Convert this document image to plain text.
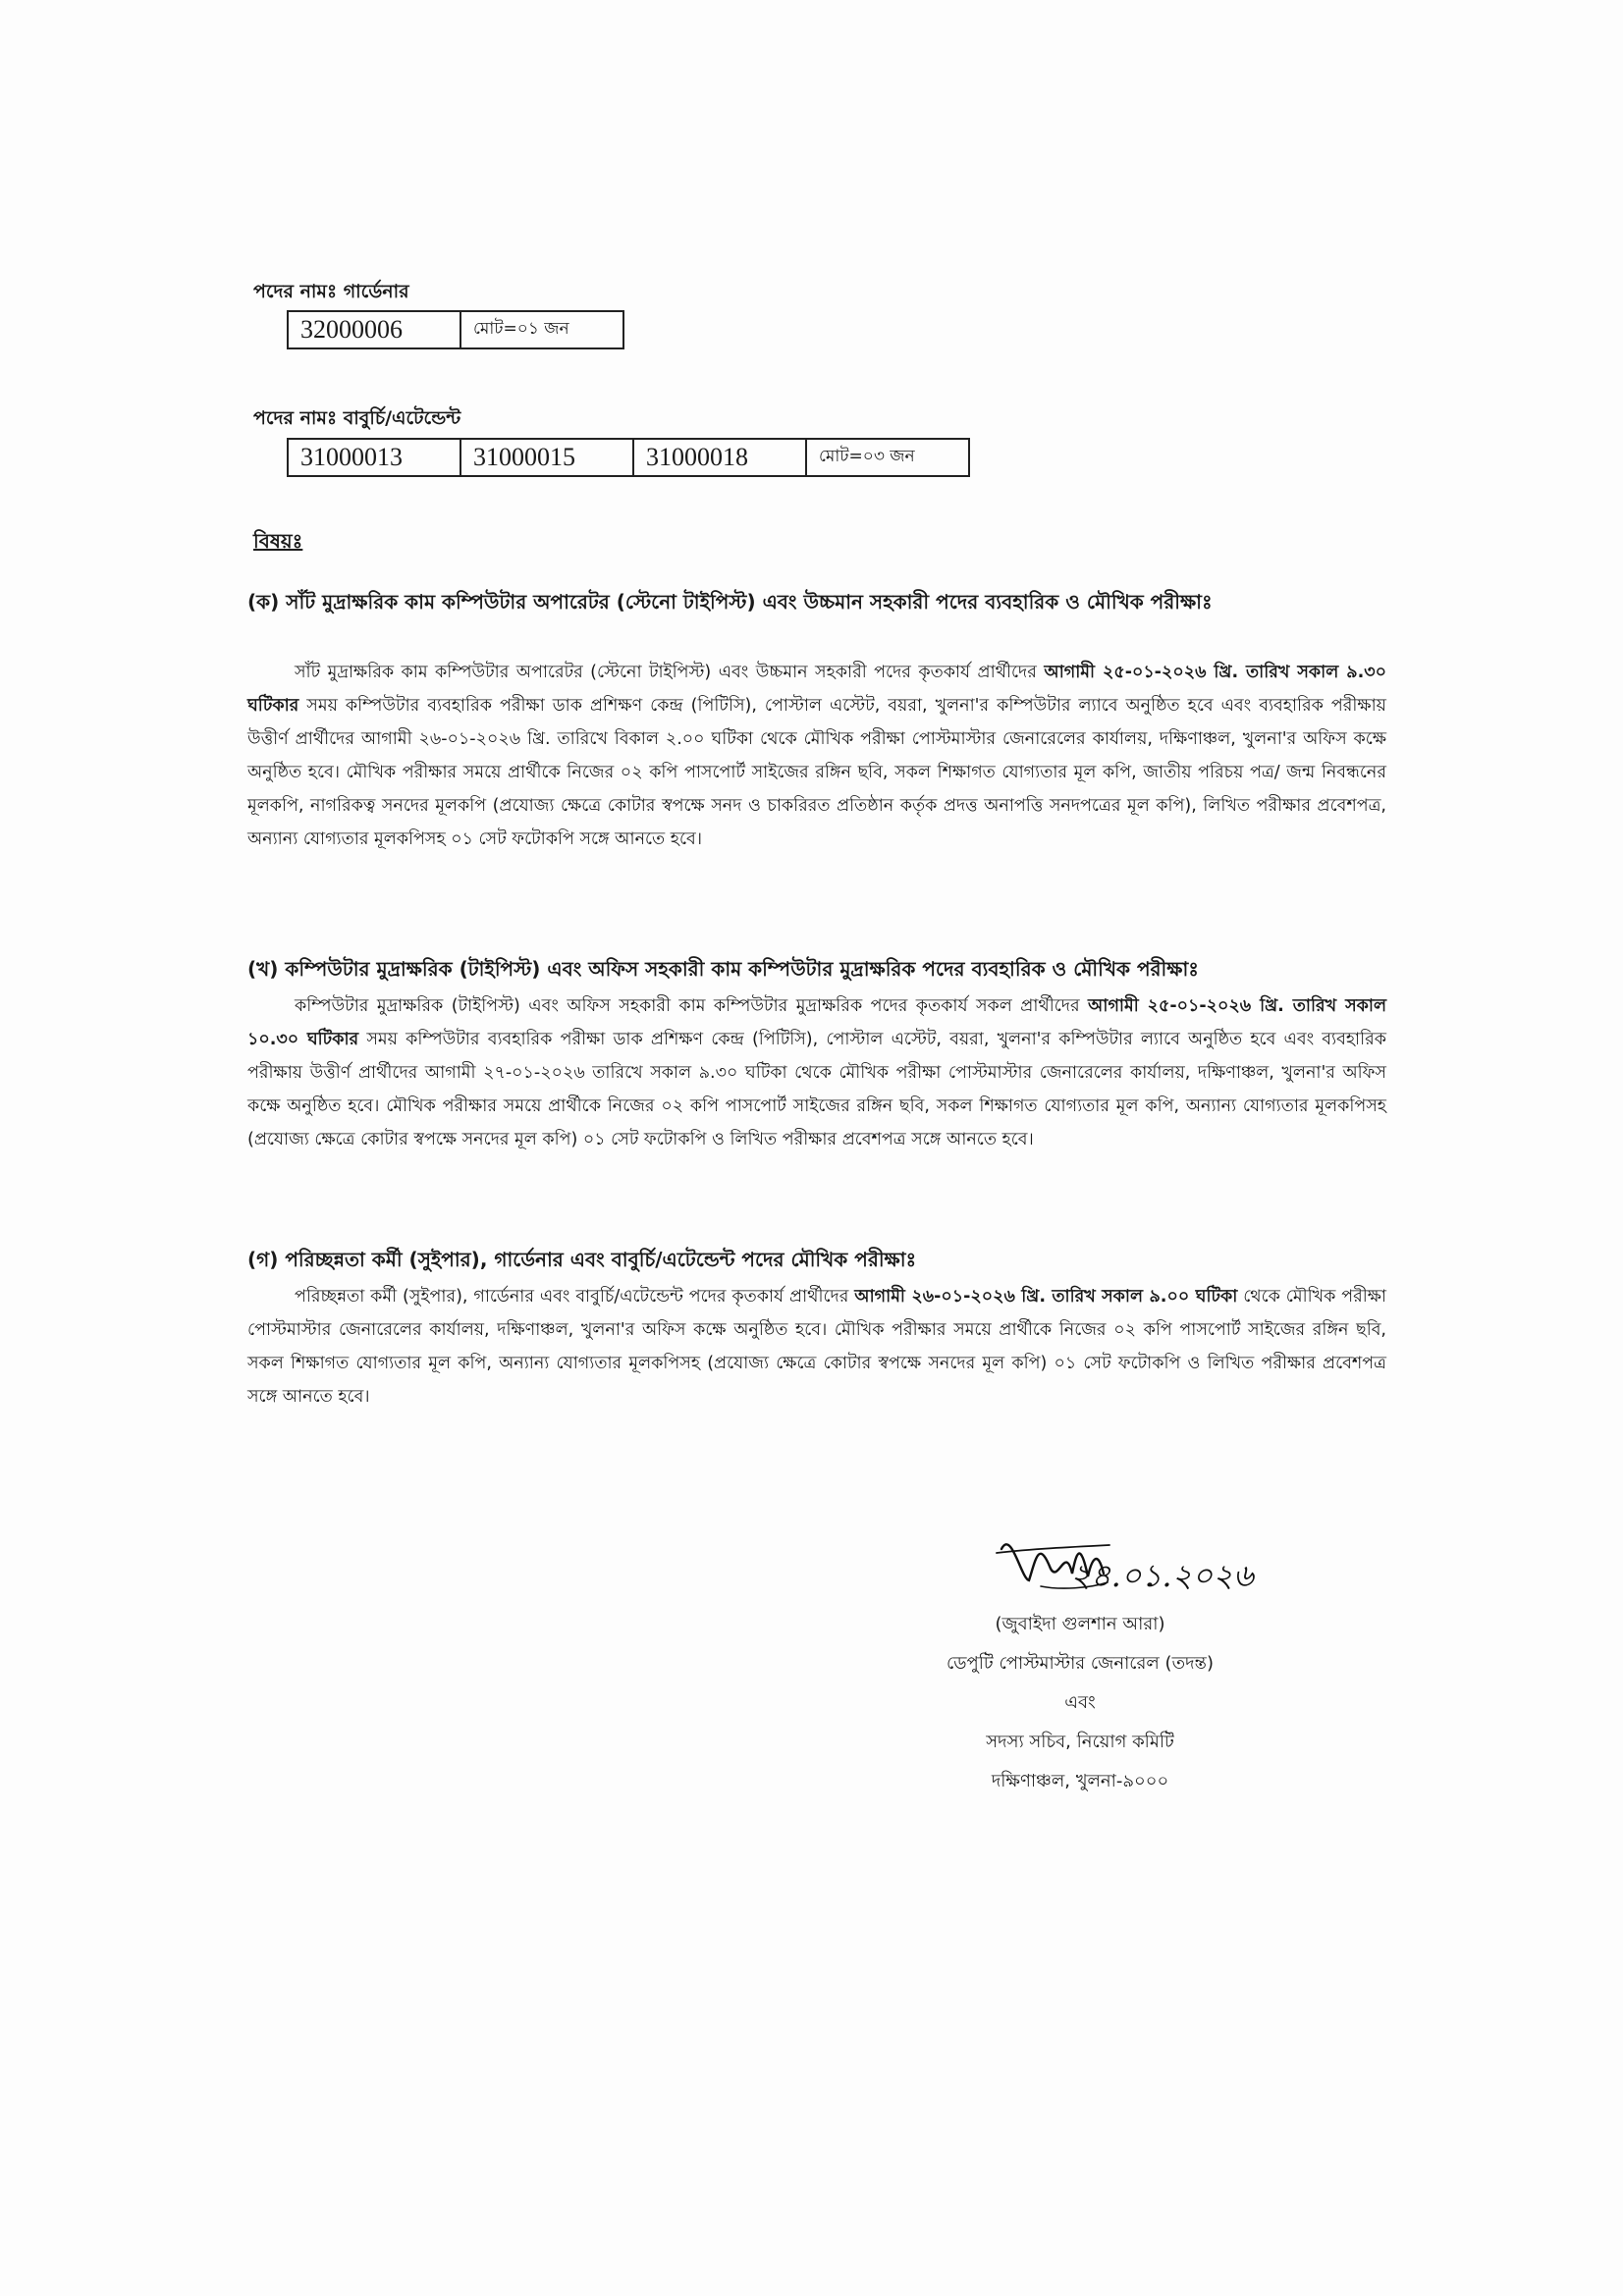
পদের নামঃ গার্ডেনার
32000006	মোট=০১ জন
পদের নামঃ বাবুর্চি/এটেন্ডেন্ট
31000013	31000015	31000018	মোট=০৩ জন
বিষয়ঃ

(ক) সাঁট মুদ্রাক্ষরিক কাম কম্পিউটার অপারেটর (স্টেনো টাইপিস্ট) এবং উচ্চমান সহকারী পদের ব্যবহারিক ও মৌখিক পরীক্ষাঃ

সাঁট মুদ্রাক্ষরিক কাম কম্পিউটার অপারেটর (স্টেনো টাইপিস্ট) এবং উচ্চমান সহকারী পদের কৃতকার্য প্রার্থীদের আগামী ২৫-০১-২০২৬ খ্রি. তারিখ সকাল ৯.৩০ ঘটিকার সময় কম্পিউটার ব্যবহারিক পরীক্ষা ডাক প্রশিক্ষণ কেন্দ্র (পিটিসি), পোস্টাল এস্টেট, বয়রা, খুলনা'র কম্পিউটার ল্যাবে অনুষ্ঠিত হবে এবং ব্যবহারিক পরীক্ষায় উত্তীর্ণ প্রার্থীদের আগামী ২৬-০১-২০২৬ খ্রি. তারিখে বিকাল ২.০০ ঘটিকা থেকে মৌখিক পরীক্ষা পোস্টমাস্টার জেনারেলের কার্যালয়, দক্ষিণাঞ্চল, খুলনা'র অফিস কক্ষে অনুষ্ঠিত হবে। মৌখিক পরীক্ষার সময়ে প্রার্থীকে নিজের ০২ কপি পাসপোর্ট সাইজের রঙ্গিন ছবি, সকল শিক্ষাগত যোগ্যতার মূল কপি, জাতীয় পরিচয় পত্র/ জন্ম নিবন্ধনের মূলকপি, নাগরিকত্ব সনদের মূলকপি (প্রযোজ্য ক্ষেত্রে কোটার স্বপক্ষে সনদ ও চাকরিরত প্রতিষ্ঠান কর্তৃক প্রদত্ত অনাপত্তি সনদপত্রের মূল কপি), লিখিত পরীক্ষার প্রবেশপত্র, অন্যান্য যোগ্যতার মূলকপিসহ ০১ সেট ফটোকপি সঙ্গে আনতে হবে।

(খ) কম্পিউটার মুদ্রাক্ষরিক (টাইপিস্ট) এবং অফিস সহকারী কাম কম্পিউটার মুদ্রাক্ষরিক পদের ব্যবহারিক ও মৌখিক পরীক্ষাঃ

কম্পিউটার মুদ্রাক্ষরিক (টাইপিস্ট) এবং অফিস সহকারী কাম কম্পিউটার মুদ্রাক্ষরিক পদের কৃতকার্য সকল প্রার্থীদের আগামী ২৫-০১-২০২৬ খ্রি. তারিখ সকাল ১০.৩০ ঘটিকার সময় কম্পিউটার ব্যবহারিক পরীক্ষা ডাক প্রশিক্ষণ কেন্দ্র (পিটিসি), পোস্টাল এস্টেট, বয়রা, খুলনা'র কম্পিউটার ল্যাবে অনুষ্ঠিত হবে এবং ব্যবহারিক পরীক্ষায় উত্তীর্ণ প্রার্থীদের আগামী ২৭-০১-২০২৬ তারিখে সকাল ৯.৩০ ঘটিকা থেকে মৌখিক পরীক্ষা পোস্টমাস্টার জেনারেলের কার্যালয়, দক্ষিণাঞ্চল, খুলনা'র অফিস কক্ষে অনুষ্ঠিত হবে। মৌখিক পরীক্ষার সময়ে প্রার্থীকে নিজের ০২ কপি পাসপোর্ট সাইজের রঙ্গিন ছবি, সকল শিক্ষাগত যোগ্যতার মূল কপি, অন্যান্য যোগ্যতার মূলকপিসহ (প্রযোজ্য ক্ষেত্রে কোটার স্বপক্ষে সনদের মূল কপি) ০১ সেট ফটোকপি ও লিখিত পরীক্ষার প্রবেশপত্র সঙ্গে আনতে হবে।

(গ) পরিচ্ছন্নতা কর্মী (সুইপার), গার্ডেনার এবং বাবুর্চি/এটেন্ডেন্ট পদের মৌখিক পরীক্ষাঃ

পরিচ্ছন্নতা কর্মী (সুইপার), গার্ডেনার এবং বাবুর্চি/এটেন্ডেন্ট পদের কৃতকার্য প্রার্থীদের আগামী ২৬-০১-২০২৬ খ্রি. তারিখ সকাল ৯.০০ ঘটিকা থেকে মৌখিক পরীক্ষা পোস্টমাস্টার জেনারেলের কার্যালয়, দক্ষিণাঞ্চল, খুলনা'র অফিস কক্ষে অনুষ্ঠিত হবে। মৌখিক পরীক্ষার সময়ে প্রার্থীকে নিজের ০২ কপি পাসপোর্ট সাইজের রঙ্গিন ছবি, সকল শিক্ষাগত যোগ্যতার মূল কপি, অন্যান্য যোগ্যতার মূলকপিসহ (প্রযোজ্য ক্ষেত্রে কোটার স্বপক্ষে সনদের মূল কপি) ০১ সেট ফটোকপি ও লিখিত পরীক্ষার প্রবেশপত্র সঙ্গে আনতে হবে।

২৪.০১.২০২৬
(জুবাইদা গুলশান আরা)
ডেপুটি পোস্টমাস্টার জেনারেল (তদন্ত)
এবং
সদস্য সচিব, নিয়োগ কমিটি
দক্ষিণাঞ্চল, খুলনা-৯০০০
